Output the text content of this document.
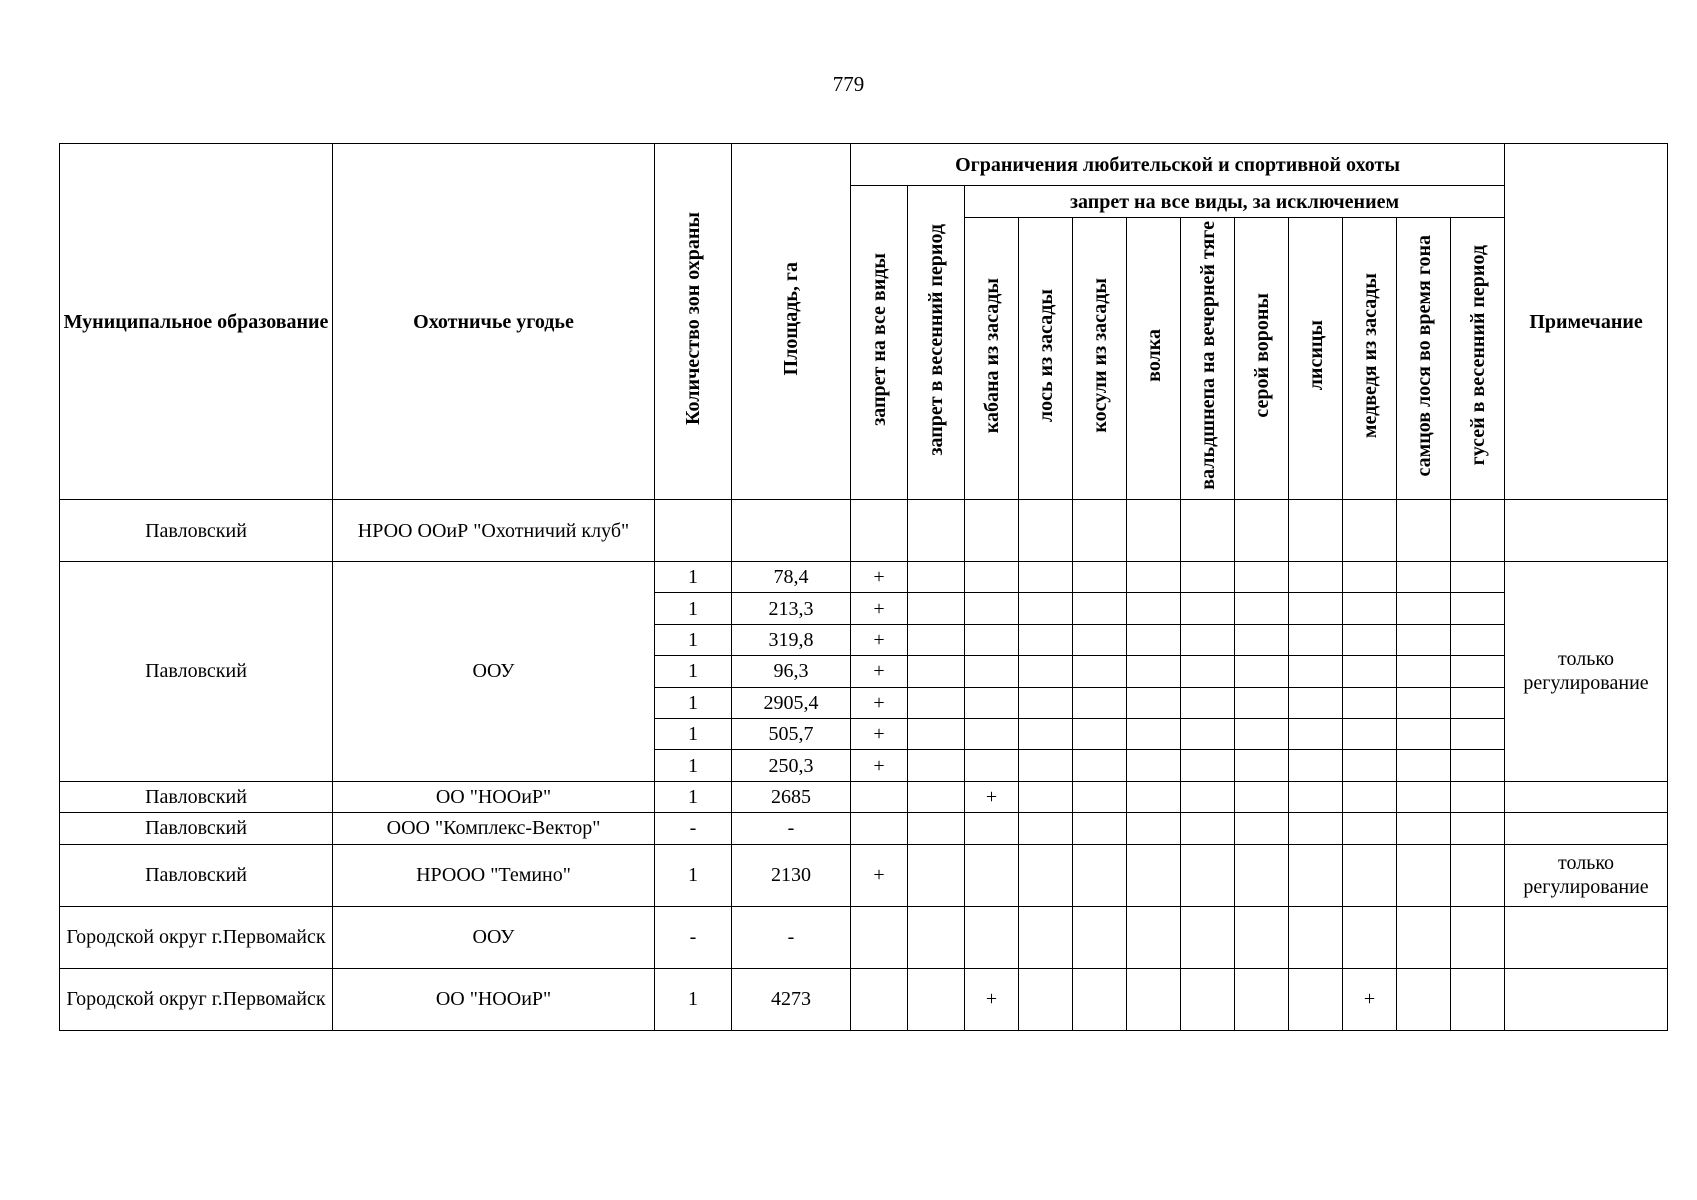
779
Муниципальное образование	Охотничье угодье	Количество зон охраны	Площадь, га	Ограничения любительской и спортивной охоты												Примечание
				запрет на все виды	запрет в весенний период	запрет на все виды, за исключением										
						кабана из засады	лось из засады	косули из засады	волка	вальдшнепа на вечерней тяге	серой вороны	лисицы	медведя из засады	самцов лося во время гона	гусей в весенний период	
Павловский	НРОО ООиР "Охотничий клуб"															
Павловский	ООУ	1	78,4	+												только регулирование
		1	213,3	+												
		1	319,8	+												
		1	96,3	+												
		1	2905,4	+												
		1	505,7	+												
		1	250,3	+												
Павловский	ОО "НООиР"	1	2685			+										
Павловский	ООО "Комплекс-Вектор"	-	-													
Павловский	НРООО "Темино"	1	2130	+												только регулирование
Городской округ г.Первомайск	ООУ	-	-													
Городской округ г.Первомайск	ОО "НООиР"	1	4273			+							+			
